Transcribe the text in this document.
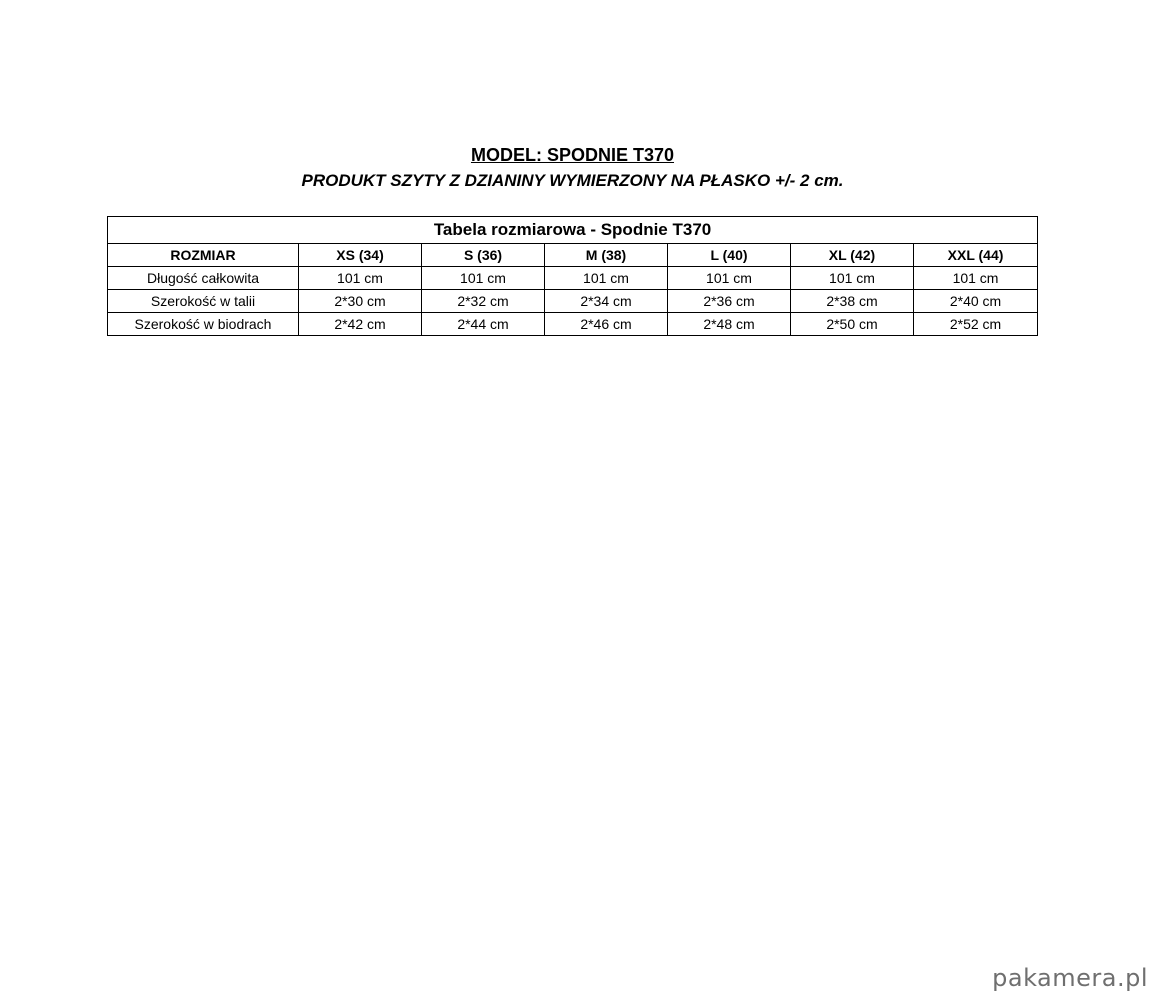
MODEL: SPODNIE T370
PRODUKT SZYTY Z DZIANINY WYMIERZONY NA PŁASKO +/- 2 cm.
Tabela rozmiarowa - Spodnie T370						
ROZMIAR	XS (34)	S (36)	M (38)	L (40)	XL (42)	XXL (44)
Długość całkowita	101 cm	101 cm	101 cm	101 cm	101 cm	101 cm
Szerokość w talii	2*30 cm	2*32 cm	2*34 cm	2*36 cm	2*38 cm	2*40 cm
Szerokość w biodrach	2*42 cm	2*44 cm	2*46 cm	2*48 cm	2*50 cm	2*52 cm
pakamera.pl
